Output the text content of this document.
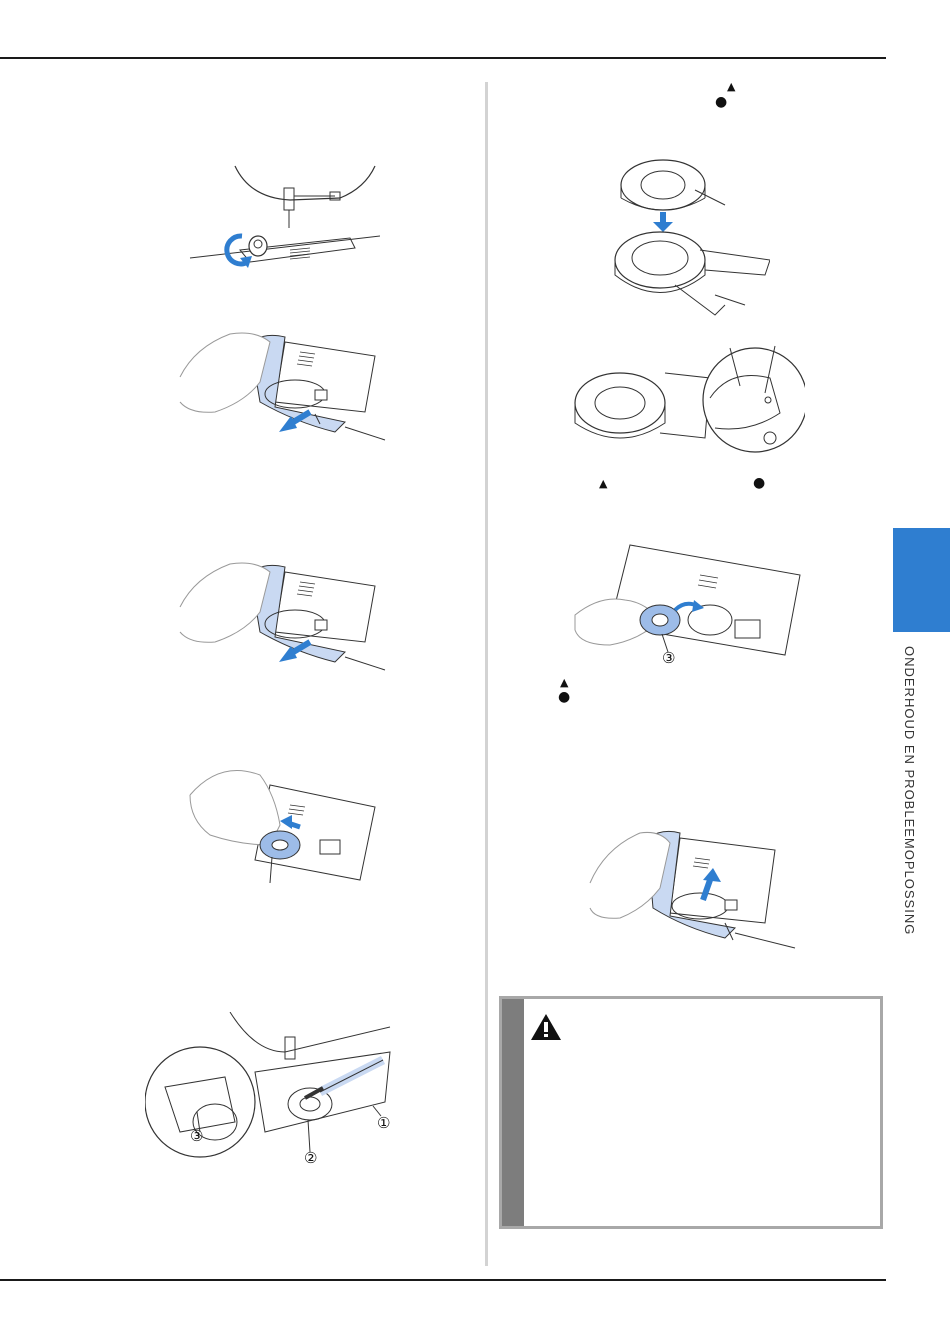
ONDERHOUD EN PROBLEEMOPLOSSING
①
②
③
▲
●
▲	●
③
▲
●
